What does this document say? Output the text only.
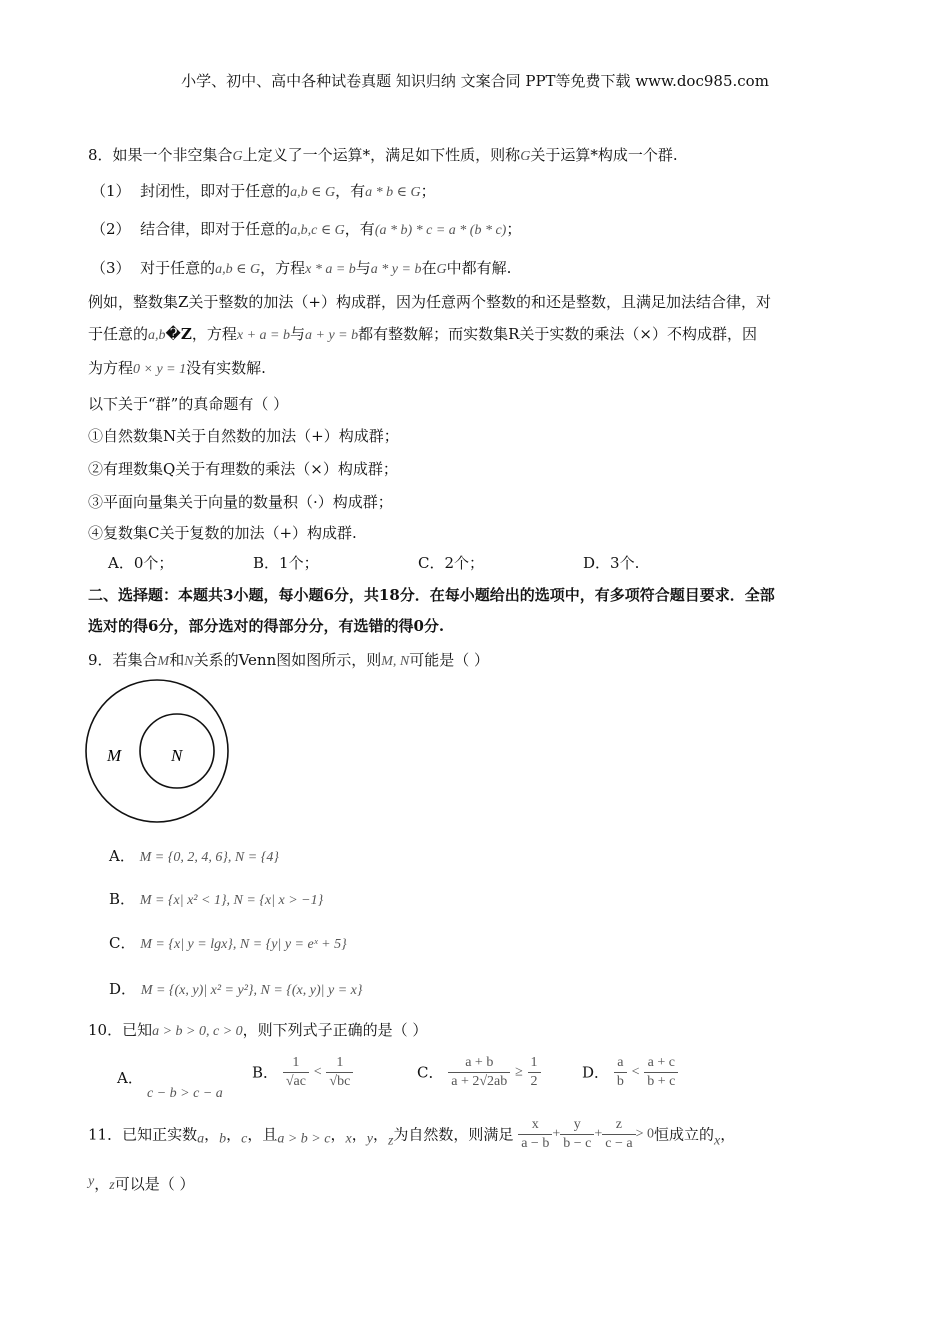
小学、初中、高中各种试卷真题 知识归纳 文案合同 PPT等免费下载 www.doc985.com
8．如果一个非空集合G上定义了一个运算*，满足如下性质，则称G关于运算*构成一个群.
（1） 封闭性，即对于任意的a,b ∈ G，有a * b ∈ G；
（2） 结合律，即对于任意的a,b,c ∈ G，有(a * b) * c = a * (b * c)；
（3） 对于任意的a,b ∈ G，方程x * a = b与a * y = b在G中都有解.
例如，整数集Z关于整数的加法（+）构成群，因为任意两个整数的和还是整数，且满足加法结合律，对
于任意的a,b�Z，方程x + a = b与a + y = b都有整数解；而实数集R关于实数的乘法（×）不构成群，因
为方程0 × y = 1没有实数解.
以下关于“群”的真命题有（ ）
①自然数集N关于自然数的加法（+）构成群；
②有理数集Q关于有理数的乘法（×）构成群；
③平面向量集关于向量的数量积（·）构成群；
④复数集C关于复数的加法（+）构成群.
A．0个；	B．1个；	C．2个；	D．3个.
二、选择题：本题共3小题，每小题6分，共18分．在每小题给出的选项中，有多项符合题目要求．全部
选对的得6分，部分选对的得部分分，有选错的得0分.
9．若集合M和N关系的Venn图如图所示，则M, N可能是（ ）
M	N
A． M = {0, 2, 4, 6}, N = {4}
B． M = {x| x² < 1}, N = {x| x > −1}
C． M = {x| y = lgx}, N = {y| y = eˣ + 5}
D． M = {(x, y)| x² = y²}, N = {(x, y)| y = x}
10．已知a > b > 0, c > 0，则下列式子正确的是（ ）
A．
c − b > c − a
B． $\frac{1}{√ac} < \frac{1}{√bc}$	C． $\frac{a + b}{a + 2√2ab} \ge \frac{1}{2}$	D． $\frac{a}{b} < \frac{a + c}{b + c}$
11．已知正实数a，b，c，且a > b > c，x，y，z为自然数，则满足 $\frac{x}{a - b} + \frac{y}{b - c} + \frac{z}{c - a} > 0$恒成立的x，
y，z可以是（ ）
